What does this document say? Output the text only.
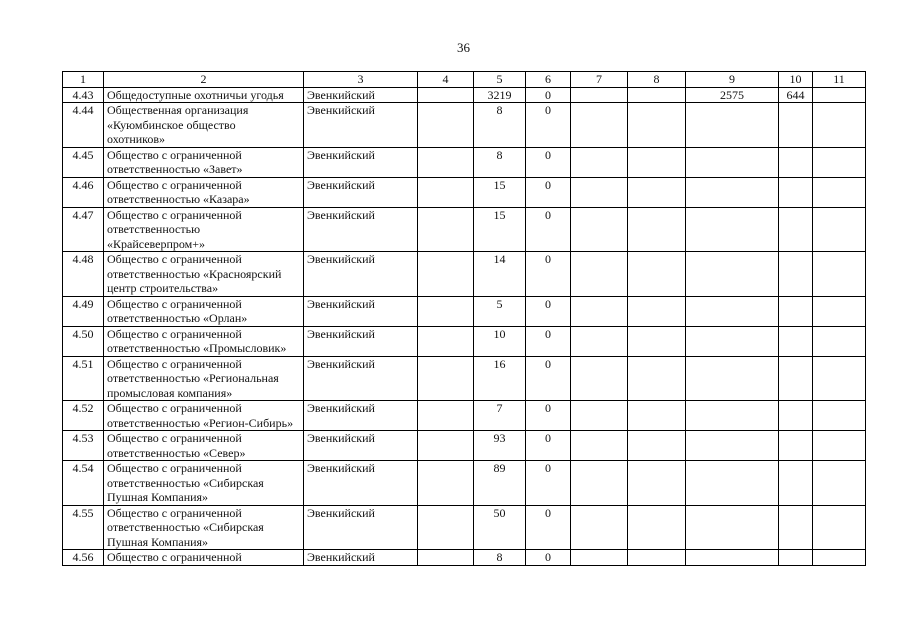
36
1	2	3	4	5	6	7	8	9	10	11
4.43	Общедоступные охотничьи угодья	Эвенкийский		3219	0			2575	644	
4.44	Общественная организация
«Куюмбинское общество
охотников»	Эвенкийский		8	0					
4.45	Общество с ограниченной
ответственностью «Завет»	Эвенкийский		8	0					
4.46	Общество с ограниченной
ответственностью «Казара»	Эвенкийский		15	0					
4.47	Общество с ограниченной
ответственностью
«Крайсеверпром+»	Эвенкийский		15	0					
4.48	Общество с ограниченной
ответственностью «Красноярский
центр строительства»	Эвенкийский		14	0					
4.49	Общество с ограниченной
ответственностью «Орлан»	Эвенкийский		5	0					
4.50	Общество с ограниченной
ответственностью «Промысловик»	Эвенкийский		10	0					
4.51	Общество с ограниченной
ответственностью «Региональная
промысловая компания»	Эвенкийский		16	0					
4.52	Общество с ограниченной
ответственностью «Регион-Сибирь»	Эвенкийский		7	0					
4.53	Общество с ограниченной
ответственностью «Север»	Эвенкийский		93	0					
4.54	Общество с ограниченной
ответственностью «Сибирская
Пушная Компания»	Эвенкийский		89	0					
4.55	Общество с ограниченной
ответственностью «Сибирская
Пушная Компания»	Эвенкийский		50	0					
4.56	Общество с ограниченной	Эвенкийский		8	0					
